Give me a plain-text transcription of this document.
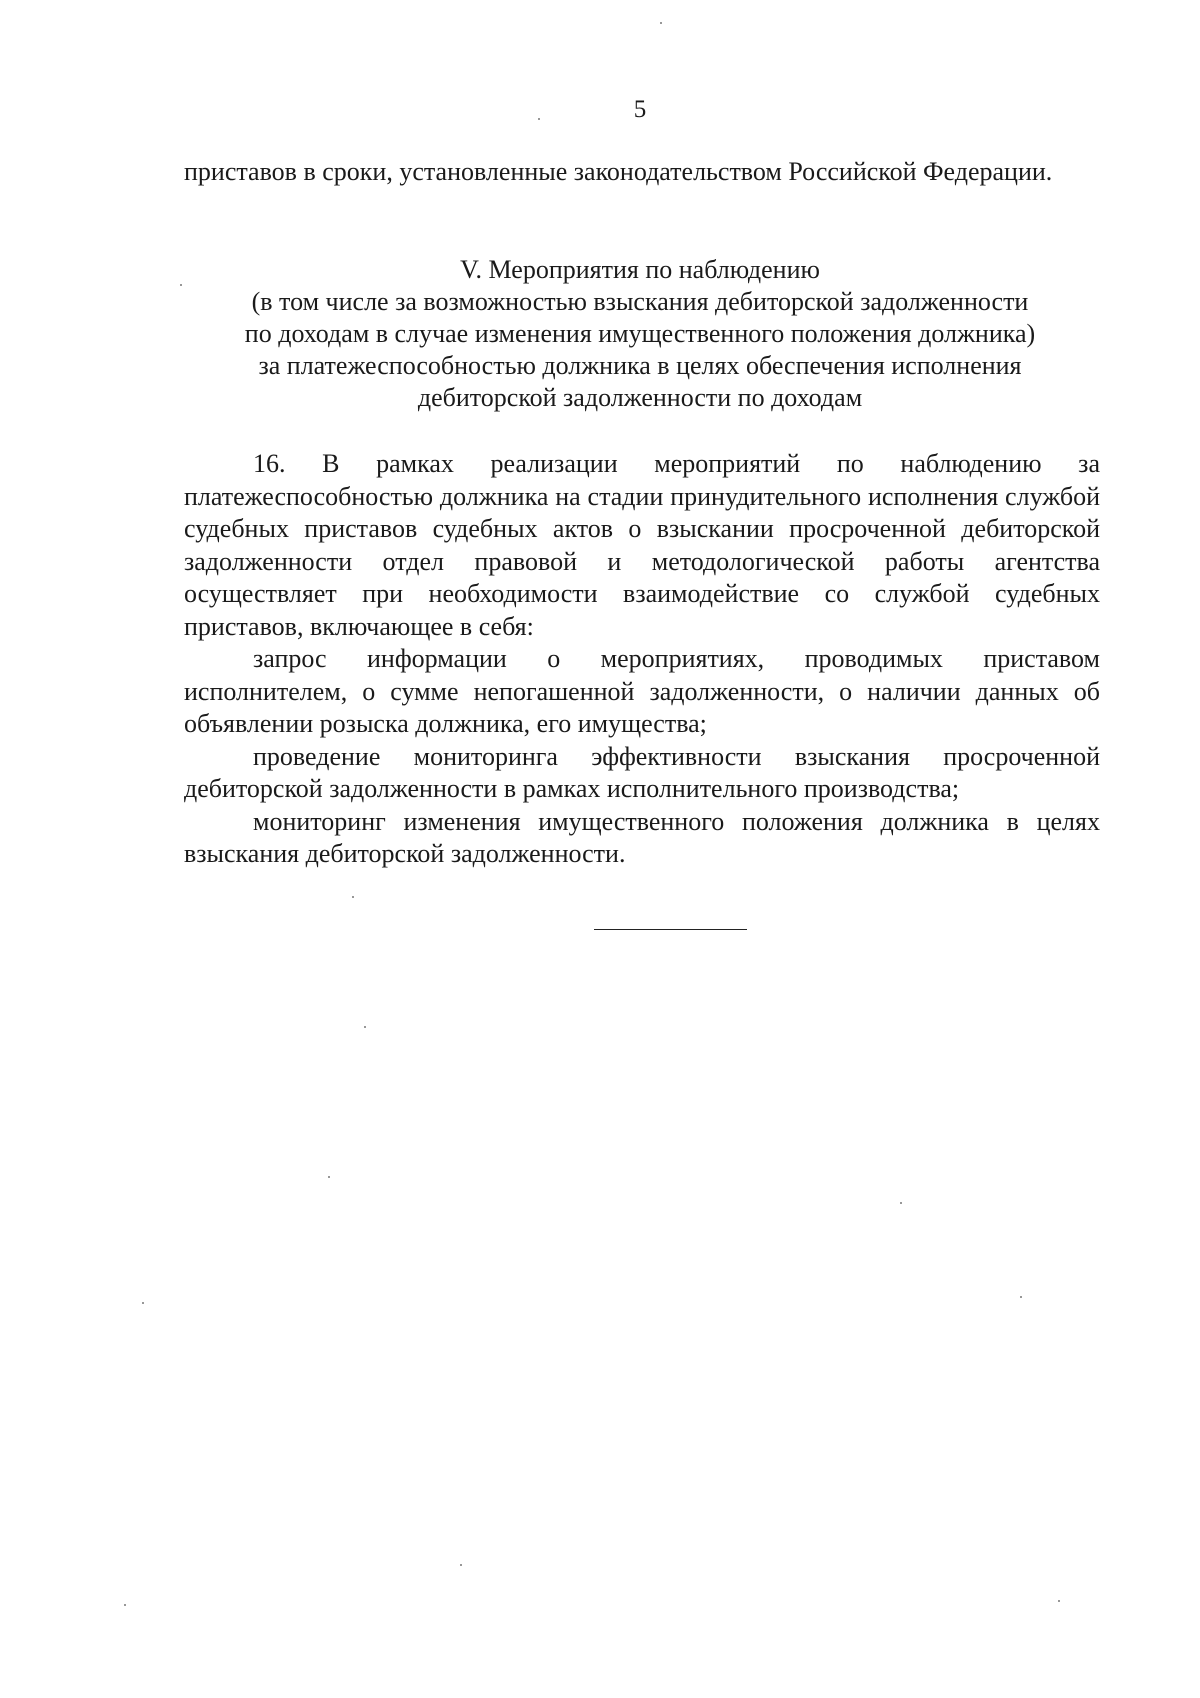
5

приставов в сроки, установленные законодательством Российской Федерации.

V. Мероприятия по наблюдению
(в том числе за возможностью взыскания дебиторской задолженности
по доходам в случае изменения имущественного положения должника)
за платежеспособностью должника в целях обеспечения исполнения
дебиторской задолженности по доходам

16. В рамках реализации мероприятий по наблюдению за платежеспособностью должника на стадии принудительного исполнения службой судебных приставов судебных актов о взыскании просроченной дебиторской задолженности отдел правовой и методологической работы агентства осуществляет при необходимости взаимодействие со службой судебных приставов, включающее в себя:

запрос информации о мероприятиях, проводимых приставом исполнителем, о сумме непогашенной задолженности, о наличии данных об объявлении розыска должника, его имущества;

проведение мониторинга эффективности взыскания просроченной дебиторской задолженности в рамках исполнительного производства;

мониторинг изменения имущественного положения должника в целях взыскания дебиторской задолженности.
